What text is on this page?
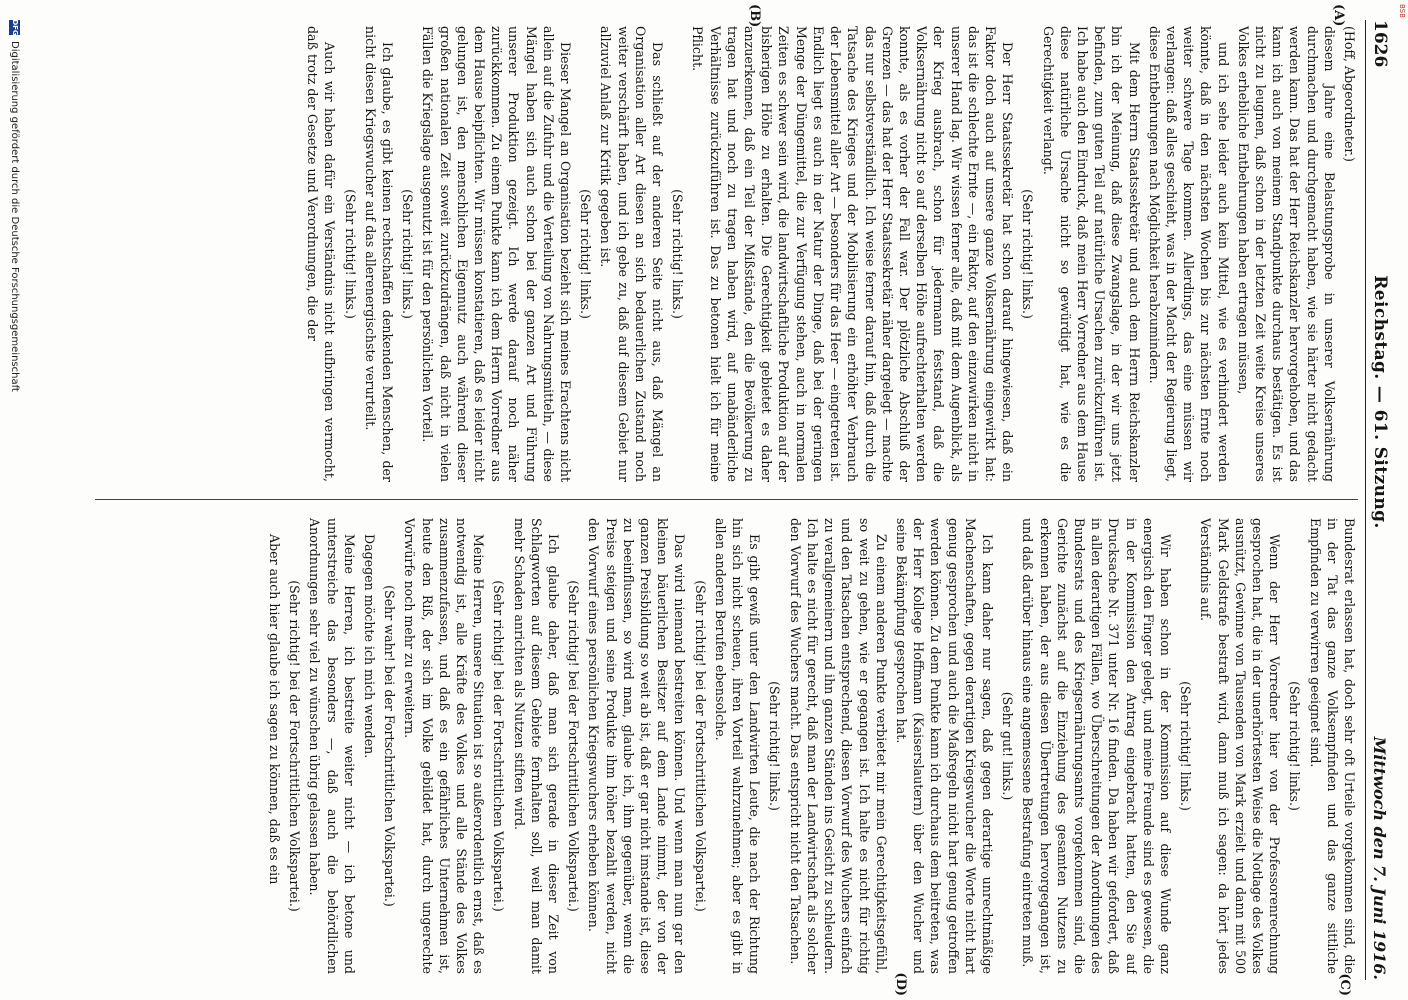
BSB
1626
Reichstag. — 61. Sitzung.
Mittwoch den 7. Juni 1916.
(A)
(B)
(C)
(D)

(Hoff, Abgeordneter.)

diesem Jahre eine Belastungsprobe in unserer Volksernährung durchmachen und durchgemacht haben, wie sie härter nicht gedacht werden kann. Das hat der Herr Reichskanzler hervorgehoben, und das kann ich auch von meinem Standpunkte durchaus bestätigen. Es ist nicht zu leugnen, daß schon in der letzten Zeit weite Kreise unseres Volkes erhebliche Entbehrungen haben ertragen müssen,

und ich sehe leider auch kein Mittel, wie es verhindert werden könnte, daß in den nächsten Wochen bis zur nächsten Ernte noch weiter schwere Tage kommen. Allerdings, das eine müssen wir verlangen: daß alles geschieht, was in der Macht der Regierung liegt, diese Entbehrungen nach Möglichkeit herabzumindern.

Mit dem Herrn Staatssekretär und auch dem Herrn Reichskanzler bin ich der Meinung, daß diese Zwangslage, in der wir uns jetzt befinden, zum guten Teil auf natürliche Ursachen zurückzuführen ist. Ich habe auch den Eindruck, daß mein Herr Vorredner aus dem Hause diese natürliche Ursache nicht so gewürdigt hat, wie es die Gerechtigkeit verlangt.

(Sehr richtig! links.)

Der Herr Staatssekretär hat schon darauf hingewiesen, daß ein Faktor doch auch auf unsere ganze Volksernährung eingewirkt hat: das ist die schlechte Ernte —, ein Faktor, auf den einzuwirken nicht in unserer Hand lag. Wir wissen ferner alle, daß mit dem Augenblick, als der Krieg ausbrach, schon für jedermann feststand, daß die Volksernährung nicht so auf derselben Höhe aufrechterhalten werden konnte, als es vorher der Fall war. Der plötzliche Abschluß der Grenzen — das hat der Herr Staatssekretär näher dargelegt — machte das nur selbstverständlich. Ich weise ferner darauf hin, daß durch die Tatsache des Krieges und der Mobilisierung ein erhöhter Verbrauch der Lebensmittel aller Art — besonders für das Heer — eingetreten ist. Endlich liegt es auch in der Natur der Dinge, daß bei der geringen Menge der Düngemittel, die zur Verfügung stehen, auch in normalen Zeiten es schwer sein wird, die landwirtschaftliche Produktion auf der bisherigen Höhe zu erhalten. Die Gerechtigkeit gebietet es daher anzuerkennen, daß ein Teil der Mißstände, den die Bevölkerung zu tragen hat und noch zu tragen haben wird, auf unabänderliche Verhältnisse zurückzuführen ist. Das zu betonen hielt ich für meine Pflicht.

(Sehr richtig! links.)

Das schließt auf der anderen Seite nicht aus, daß Mängel an Organisation aller Art diesen an sich bedauerlichen Zustand noch weiter verschärft haben, und ich gebe zu, daß auf diesem Gebiet nur allzuviel Anlaß zur Kritik gegeben ist.

(Sehr richtig! links.)

Dieser Mangel an Organisation bezieht sich meines Erachtens nicht allein auf die Zufuhr und die Verteilung von Nahrungsmitteln, — diese Mängel haben sich auch schon bei der ganzen Art und Führung unserer Produktion gezeigt. Ich werde darauf noch näher zurückkommen. Zu einem Punkte kann ich dem Herrn Vorredner aus dem Hause beipflichten. Wir müssen konstatieren, daß es leider nicht gelungen ist, den menschlichen Eigennutz auch während dieser großen nationalen Zeit soweit zurückzudrängen, daß nicht in vielen Fällen die Kriegslage ausgenutzt ist für den persönlichen Vorteil.

(Sehr richtig! links.)

Ich glaube, es gibt keinen rechtschaffen denkenden Menschen, der nicht diesen Kriegswucher auf das allerenergischste verurteilt.

(Sehr richtig! links.)

Auch wir haben dafür ein Verständnis nicht aufbringen vermocht, daß trotz der Gesetze und Verordnungen, die der

Bundesrat erlassen hat, doch sehr oft Urteile vorgekommen sind, die in der Tat das ganze Volksempfinden und das ganze sittliche Empfinden zu verwirren geeignet sind.

(Sehr richtig! links.)

Wenn der Herr Vorredner hier von der Professorenrechnung gesprochen hat, die in der unerhörtesten Weise die Notlage des Volkes ausnützt, Gewinne von Tausenden von Mark erzielt und dann mit 500 Mark Geldstrafe bestraft wird, dann muß ich sagen: da hört jedes Verständnis auf.

(Sehr richtig! links.)

Wir haben schon in der Kommission auf diese Wunde ganz energisch den Finger gelegt, und meine Freunde sind es gewesen, die in der Kommission den Antrag eingebracht hatten, den Sie auf Drucksache Nr. 371 unter Nr. 16 finden. Da haben wir gefordert, daß in allen derartigen Fällen, wo Überschreitungen der Anordnungen des Bundesrats und des Kriegsernährungsamts vorgekommen sind, die Gerichte zunächst auf die Einziehung des gesamten Nutzens zu erkennen haben, der aus diesen Übertretungen hervorgegangen ist, und daß darüber hinaus eine angemessene Bestrafung eintreten muß.

(Sehr gut! links.)

Ich kann daher nur sagen, daß gegen derartige unrechtmäßige Machenschaften, gegen derartigen Kriegswucher die Worte nicht hart genug gesprochen und auch die Maßregeln nicht hart genug getroffen werden können. Zu dem Punkte kann ich durchaus dem beitreten, was der Herr Kollege Hoffmann (Kaiserslautern) über den Wucher und seine Bekämpfung gesprochen hat.

Zu einem anderen Punkte verbietet mir mein Gerechtigkeitsgefühl, so weit zu gehen, wie er gegangen ist. Ich halte es nicht für richtig und den Tatsachen entsprechend, diesen Vorwurf des Wuchers einfach zu verallgemeinern und ihn ganzen Ständen ins Gesicht zu schleudern. Ich halte es nicht für gerecht, daß man der Landwirtschaft als solcher den Vorwurf des Wuchers macht. Das entspricht nicht den Tatsachen.

(Sehr richtig! links.)

Es gibt gewiß unter den Landwirten Leute, die nach der Richtung hin sich nicht scheuen, ihren Vorteil wahrzunehmen; aber es gibt in allen anderen Berufen ebensolche.

(Sehr richtig! bei der Fortschrittlichen Volkspartei.)

Das wird niemand bestreiten können. Und wenn man nun gar den kleinen bäuerlichen Besitzer auf dem Lande nimmt, der von der ganzen Preisbildung so weit ab ist, daß er gar nicht imstande ist, diese zu beeinflussen, so wird man, glaube ich, ihm gegenüber, wenn die Preise steigen und seine Produkte ihm höher bezahlt werden, nicht den Vorwurf eines persönlichen Kriegswuchers erheben können.

(Sehr richtig! bei der Fortschrittlichen Volkspartei.)

Ich glaube daher, daß man sich gerade in dieser Zeit von Schlagworten auf diesem Gebiete fernhalten soll, weil man damit mehr Schaden anrichten als Nutzen stiften wird.

(Sehr richtig! bei der Fortschrittlichen Volkspartei.)

Meine Herren, unsere Situation ist so außerordentlich ernst, daß es notwendig ist, alle Kräfte des Volkes und alle Stände des Volkes zusammenzufassen, und daß es ein gefährliches Unternehmen ist, heute den Riß, der sich im Volke gebildet hat, durch ungerechte Vorwürfe noch mehr zu erweitern.

(Sehr wahr! bei der Fortschrittlichen Volkspartei.)

Dagegen möchte ich mich wenden.

Meine Herren, ich bestreite weiter nicht — ich betone und unterstreiche das besonders —, daß auch die behördlichen Anordnungen sehr viel zu wünschen übrig gelassen haben.

(Sehr richtig! bei der Fortschrittlichen Volkspartei.)

Aber auch hier glaube ich sagen zu können, daß es ein

DFG
Digitalisierung gefördert durch die Deutsche Forschungsgemeinschaft
